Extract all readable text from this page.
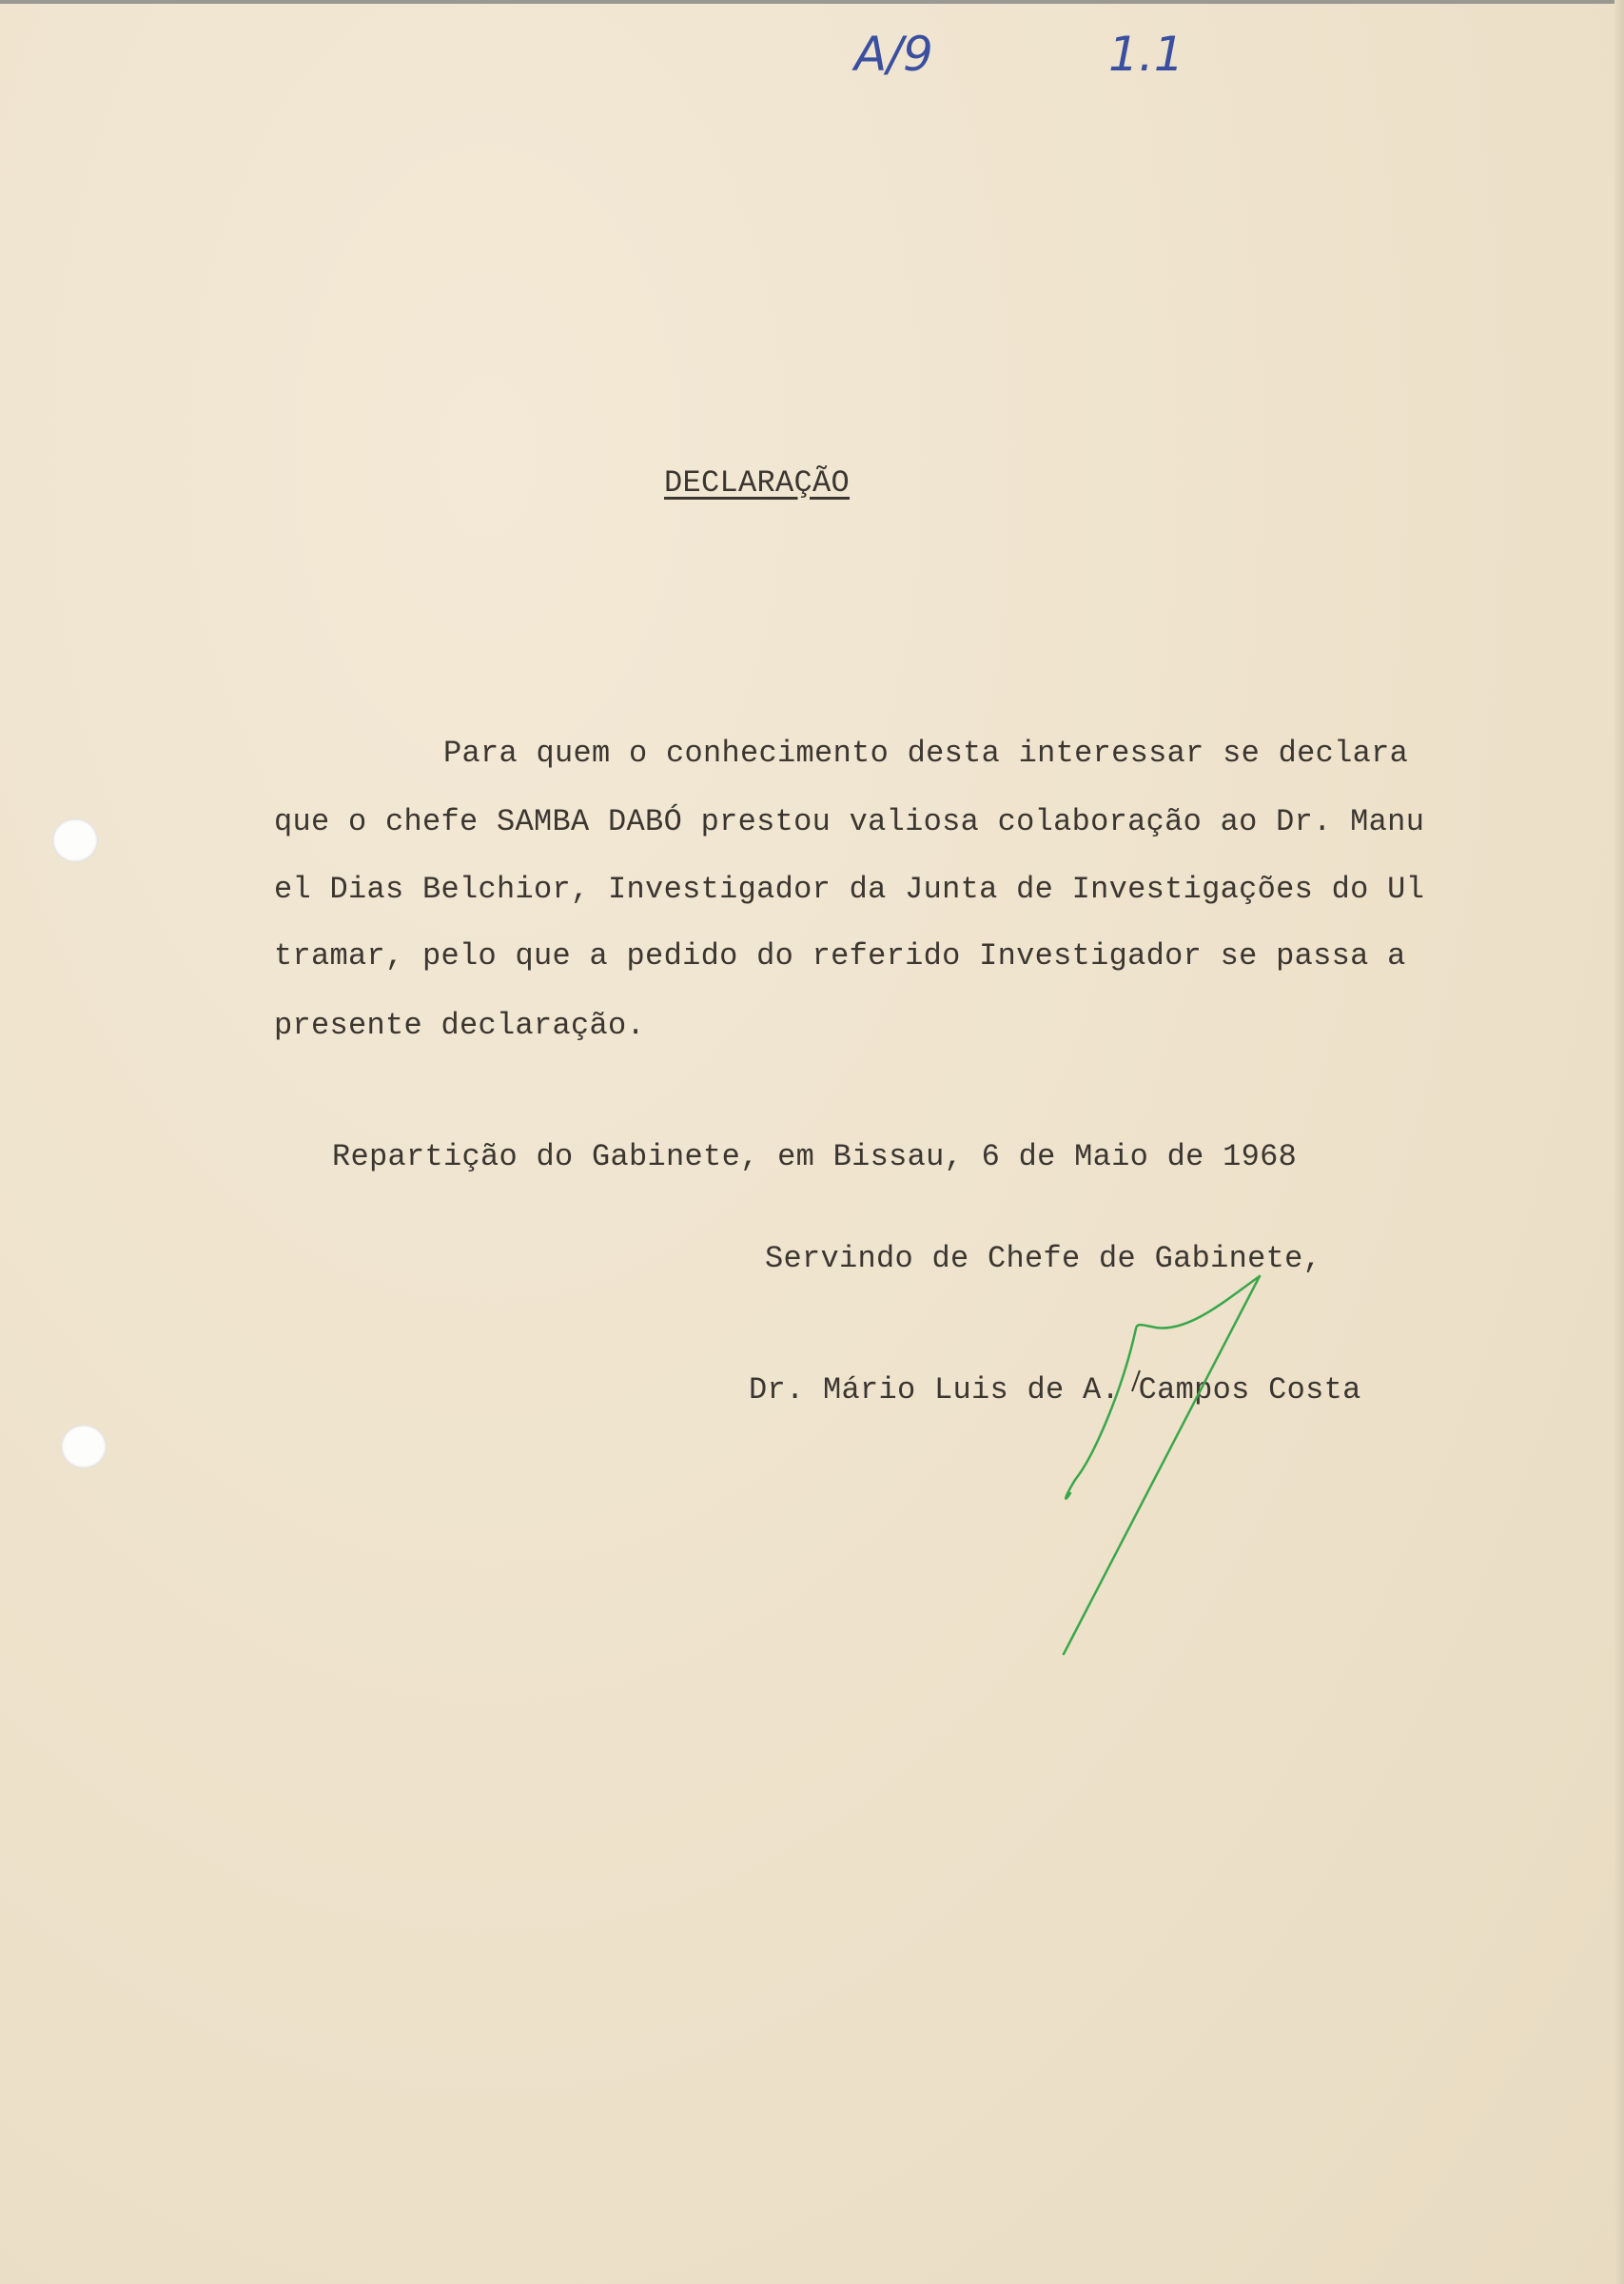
A/9	1.1
DECLARAÇÃO
Para quem o conhecimento desta interessar se declara
que o chefe SAMBA DABÓ prestou valiosa colaboração ao Dr. Manu
el Dias Belchior, Investigador da Junta de Investigações do Ul
tramar, pelo que a pedido do referido Investigador se passa a
presente declaração.
Repartição do Gabinete, em Bissau, 6 de Maio de 1968
Servindo de Chefe de Gabinete,
Dr. Mário Luis de A. Campos Costa
